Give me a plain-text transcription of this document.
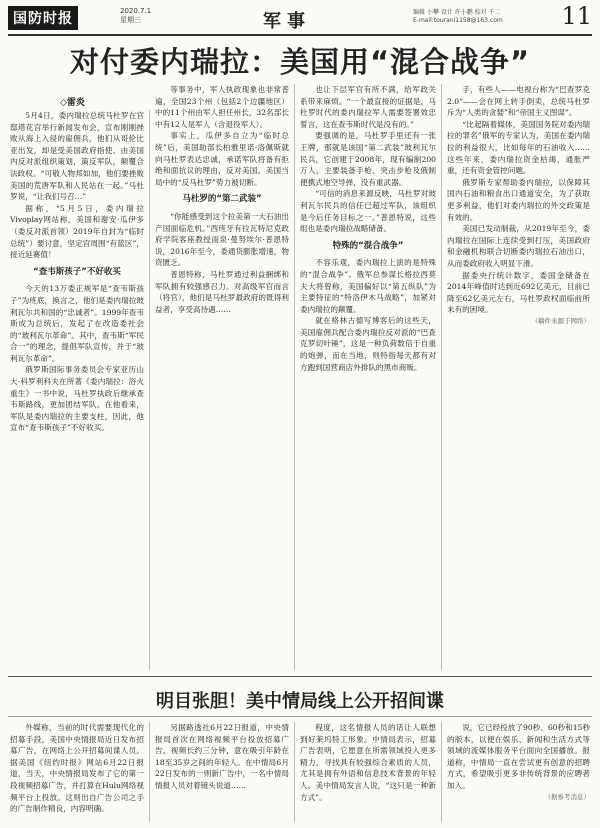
国防时报	2020.7.1
星期三	军事	编辑 小攀 设计 许小鹏 校对 千二
E-mail:tourani1158@163.com	11
对付委内瑞拉：美国用“混合战争”
◇雷炎

5月4日，委内瑞拉总统马杜罗在官邸塔花宫举行新闻发布会，宣布刚刚挫败从海上入侵的雇佣兵，他们从哥伦比亚出发，却是受美国政府指使、由美国内反对派组织策划，策反军队，颠覆合法政权。“可敬人物邦如加，他们要挫败美国的荒唐军队和人民站在一起。”马杜罗说，“让我们号召…”

据称，“5月5日，委内瑞拉Vivoplay网站称，美国和谢安·瓜伊多（委反对派首领）2019年自封为“临时总统”）要讨意，坚定宫周围“有蓝区”，接近延赛值！

“查韦斯孩子”不好收买

今天的13万委正规军是“查韦斯孩子”为班底，换言之，他们是委内瑞拉玻利瓦尔共和国的“忠诚者”。1999年查韦斯成为总统后，发起了在改造委社会的“玻利瓦尔革命”。其中，查韦斯“军民合一”的理念，提倡军队宣传，并于“玻利瓦尔革命”。

俄罗斯国际事务委员会专家亚历山大·科罗利科夫在所著《委内瑞拉：浴火重生》一书中说，马杜罗执政后继承查韦斯路线，更加团结军队。在他看来，军队是委内瑞拉的主要支柱，因此，他宣布“查韦斯孩子”不好收买。

等事务中，军人执政现象也非常普遍，全国23个州（包括2个边疆地区）中的11个州由军人担任州长，32名部长中有12人是军人（含退役军人）。

事实上，瓜伊多自立为“临时总统”后，美国助部长柏雅里诺·洛佩斯就向马杜罗表达忠诚，承诺军队将备有拒绝和面抗议的理由，反对美国。美国当局中的“反马杜罗”势力被切断。

马杜罗的“第二武装”

“你能感受到这个拉美第一大石油出产国面临危机。”西班牙有拉瓦特尼克政府学院客座教授雨泉·曼努埃尔·普恩特说，2016年至今，委通货膨胀增速，物资匮乏。

普恩特称，马杜罗通过利益捆绑和军队拥有较强感召力。对高级军官而言（将官），他们是马杜罗最政府的既得利益者，享受高待遇……

也让下层军官有所不满，给军政关系带来麻烦。“一个最直接的证据是，马杜罗时代的委内瑞拉军人需要签署效忠誓言，这在查韦斯时代是没有的。”

要强调的是，马杜罗手里还有一张王牌，那就是该国“第二武装”玻利瓦尔民兵，它创建于2008年，现有编制200万人，主要装备手枪、突击步枪及俄制便携式地空导弹，没有重武器。

“可信的消息来源反映，马杜罗对玻利瓦尔民兵的信任已超过军队，该组织是今后任务目标之一。”普恩特说，这些组也是委内瑞拉战略储备。

特殊的“混合战争”

不容乐观，委内瑞拉上演的是特殊的“混合战争”。俄军总参谋长格拉西莫夫大将曾称，美国偏好以“第五纵队”为主要特征的“特洛伊木马战略”，加紧对委内瑞拉的颠覆。

就在格林古德写博客后的这些天，美国雇佣兵配合委内瑞拉反对派的“巴查克罗切叶锤”，这是一种负荷数倍于自重的炮弹，而在当地，则特指每天都有对方跑到国营商店外排队的黑市商贩。

手，有些人——电视台称为“巴查罗克2.0”——会在网上转手倒卖，总统马杜罗斥为“人类的贪婪”和“帝国主义图谋”。

“比起隔着媒体，美国国务院对委内瑞拉的罪名”俄军的专家认为，美国在委内瑞拉的利益很大，比如每年的石油收入……这些年来，委内瑞拉资金枯竭，通胀严重，还有资金管控问题。

俄罗斯专家帮助委内瑞拉，以保障其国内石油和粮食出口通道安全，为了获取更多利益，他们对委内瑞拉的外交政策是有效的。

美国已发动制裁，从2019年至今，委内瑞拉在国际上连续受到打压，美国政府和金融机构联合切断委内瑞拉石油出口，从而委政府收入明显下滑。

据委央行统计数字，委国金储备在2014年峰值时达到近692亿美元，目前已降至62亿美元左右，马杜罗政权面临前所未有的困境。

（稿件来源于网络）

明目张胆！美中情局线上公开招间谍

外媒称，当前的时代需要现代化的招募手段，美国中央情报局近日发布招募广告，在网络上公开招募间谍人员。据美国《纽约时报》网站6月22日报道，当天，中央情报局发布了它的第一段视频招募广告，并打算在Hulu网络视频平台上投放。这则出自广告公司之手的广告制作精良，内容明确。

另据路透社6月22日报道，中央情报局首次在网络视频平台投放招募广告，视频长约三分钟，意在吸引年龄在18至35岁之间的年轻人。在中情局6月22日发布的一则新广告中，一名中情局情报人员对着镜头说道……

程度，这名情报人员的话让人联想到好莱坞特工形象。中情局表示，招募广告表明，它愿意在所需领域投入更多精力，寻找具有较强综合素质的人员，尤其是拥有外语和信息技术背景的年轻人。美中情局发言人说，“这只是一种新方式”。

说，它已经投放了90秒、60秒和15秒的版本，以便在娱乐、新闻和生活方式等领域的流媒体服务平台面向全国播放。报道称，中情局一直在尝试更有创意的招聘方式，希望吸引更多非传统背景的应聘者加入。

（据参考消息）
